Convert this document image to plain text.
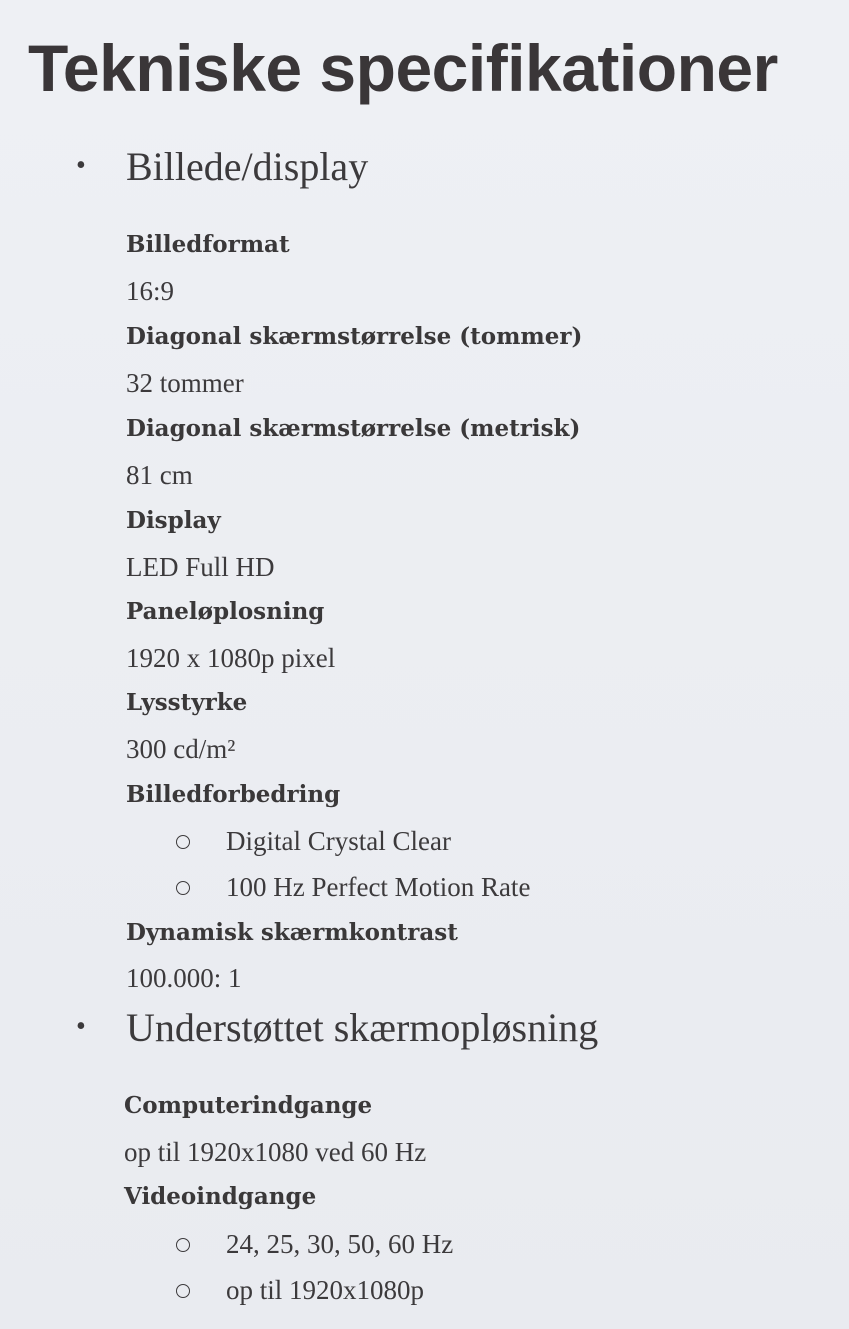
Tekniske specifikationer
• Billede/display
Billedformat
16:9
Diagonal skærmstørrelse (tommer)
32 tommer
Diagonal skærmstørrelse (metrisk)
81 cm
Display
LED Full HD
Paneløplosning
1920 x 1080p pixel
Lysstyrke
300 cd/m²
Billedforbedring
Digital Crystal Clear
100 Hz Perfect Motion Rate
Dynamisk skærmkontrast
100.000: 1
• Understøttet skærmopløsning
Computerindgange
op til 1920x1080 ved 60 Hz
Videoindgange
24, 25, 30, 50, 60 Hz
op til 1920x1080p
